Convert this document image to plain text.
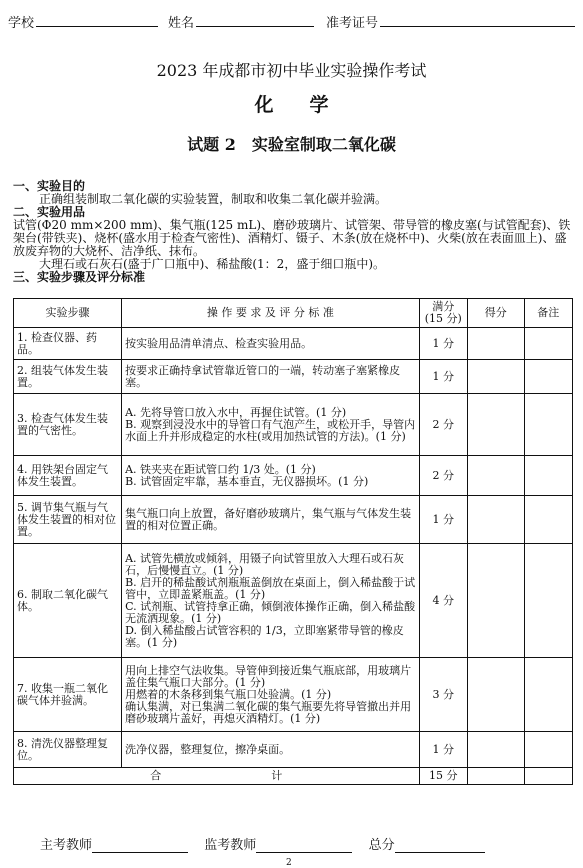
学校	姓名	准考证号
2023 年成都市初中毕业实验操作考试
化学
试题 2　实验室制取二氧化碳
一、实验目的

正确组装制取二氧化碳的实验装置，制取和收集二氧化碳并验满。

二、实验用品

试管(Φ20 mm×200 mm)、集气瓶(125 mL)、磨砂玻璃片、试管架、带导管的橡皮塞(与试管配套)、铁架台(带铁夹)、烧杯(盛水用于检查气密性)、酒精灯、镊子、木条(放在烧杯中)、火柴(放在表面皿上)、盛放废弃物的大烧杯、洁净纸、抹布。

大理石或石灰石(盛于广口瓶中)、稀盐酸(1：2，盛于细口瓶中)。

三、实验步骤及评分标准
实验步骤	操 作 要 求 及 评 分 标 准	满分
(15 分)	得分	备注
1. 检查仪器、药品。	按实验用品清单清点、检查实验用品。	1 分		
2. 组装气体发生装置。	按要求正确持拿试管靠近管口的一端，转动塞子塞紧橡皮塞。	1 分		
3. 检查气体发生装置的气密性。	A. 先将导管口放入水中，再握住试管。(1 分)
B. 观察到浸没水中的导管口有气泡产生，或松开手，导管内水面上升并形成稳定的水柱(或用加热试管的方法)。(1 分)	2 分		
4. 用铁架台固定气体发生装置。	A. 铁夹夹在距试管口约 1/3 处。(1 分)
B. 试管固定牢靠，基本垂直，无仪器损坏。(1 分)	2 分		
5. 调节集气瓶与气体发生装置的相对位置。	集气瓶口向上放置，备好磨砂玻璃片，集气瓶与气体发生装置的相对位置正确。	1 分		
6. 制取二氧化碳气体。	A. 试管先横放或倾斜，用镊子向试管里放入大理石或石灰石，后慢慢直立。(1 分)
B. 启开的稀盐酸试剂瓶瓶盖倒放在桌面上，倒入稀盐酸于试管中，立即盖紧瓶盖。(1 分)
C. 试剂瓶、试管持拿正确，倾倒液体操作正确，倒入稀盐酸无流洒现象。(1 分)
D. 倒入稀盐酸占试管容积的 1/3，立即塞紧带导管的橡皮塞。(1 分)	4 分		
7. 收集一瓶二氧化碳气体并验满。	用向上排空气法收集。导管伸到接近集气瓶底部，用玻璃片盖住集气瓶口大部分。(1 分)
用燃着的木条移到集气瓶口处验满。(1 分)
确认集满，对已集满二氧化碳的集气瓶要先将导管撤出并用磨砂玻璃片盖好，再熄灭酒精灯。(1 分)	3 分		
8. 清洗仪器整理复位。	洗净仪器，整理复位，擦净桌面。	1 分		
合　　　　　　　　　　计		15 分		
主考教师	监考教师	总分
2
